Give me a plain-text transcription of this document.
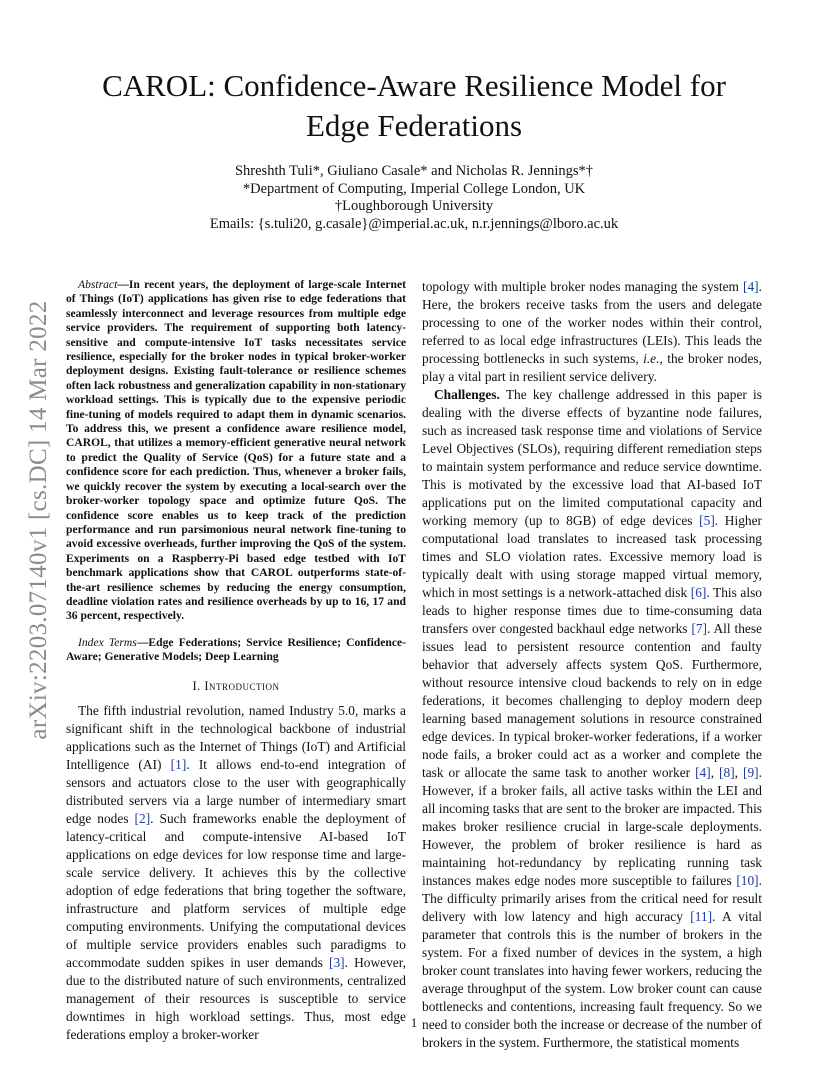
CAROL: Confidence-Aware Resilience Model for Edge Federations
Shreshth Tuli*, Giuliano Casale* and Nicholas R. Jennings*†
*Department of Computing, Imperial College London, UK
†Loughborough University
Emails: {s.tuli20, g.casale}@imperial.ac.uk, n.r.jennings@lboro.ac.uk
arXiv:2203.07140v1 [cs.DC] 14 Mar 2022

Abstract—In recent years, the deployment of large-scale Internet of Things (IoT) applications has given rise to edge federations that seamlessly interconnect and leverage resources from multiple edge service providers. The requirement of supporting both latency-sensitive and compute-intensive IoT tasks necessitates service resilience, especially for the broker nodes in typical broker-worker deployment designs. Existing fault-tolerance or resilience schemes often lack robustness and generalization capability in non-stationary workload settings. This is typically due to the expensive periodic fine-tuning of models required to adapt them in dynamic scenarios. To address this, we present a confidence aware resilience model, CAROL, that utilizes a memory-efficient generative neural network to predict the Quality of Service (QoS) for a future state and a confidence score for each prediction. Thus, whenever a broker fails, we quickly recover the system by executing a local-search over the broker-worker topology space and optimize future QoS. The confidence score enables us to keep track of the prediction performance and run parsimonious neural network fine-tuning to avoid excessive overheads, further improving the QoS of the system. Experiments on a Raspberry-Pi based edge testbed with IoT benchmark applications show that CAROL outperforms state-of-the-art resilience schemes by reducing the energy consumption, deadline violation rates and resilience overheads by up to 16, 17 and 36 percent, respectively.

Index Terms—Edge Federations; Service Resilience; Confidence-Aware; Generative Models; Deep Learning

I. Introduction

The fifth industrial revolution, named Industry 5.0, marks a significant shift in the technological backbone of industrial applications such as the Internet of Things (IoT) and Artificial Intelligence (AI) [1]. It allows end-to-end integration of sensors and actuators close to the user with geographically distributed servers via a large number of intermediary smart edge nodes [2]. Such frameworks enable the deployment of latency-critical and compute-intensive AI-based IoT applications on edge devices for low response time and large-scale service delivery. It achieves this by the collective adoption of edge federations that bring together the software, infrastructure and platform services of multiple edge computing environments. Unifying the computational devices of multiple service providers enables such paradigms to accommodate sudden spikes in user demands [3]. However, due to the distributed nature of such environments, centralized management of their resources is susceptible to service downtimes in high workload settings. Thus, most edge federations employ a broker-worker

topology with multiple broker nodes managing the system [4]. Here, the brokers receive tasks from the users and delegate processing to one of the worker nodes within their control, referred to as local edge infrastructures (LEIs). This leads the processing bottlenecks in such systems, i.e., the broker nodes, play a vital part in resilient service delivery.

Challenges. The key challenge addressed in this paper is dealing with the diverse effects of byzantine node failures, such as increased task response time and violations of Service Level Objectives (SLOs), requiring different remediation steps to maintain system performance and reduce service downtime. This is motivated by the excessive load that AI-based IoT applications put on the limited computational capacity and working memory (up to 8GB) of edge devices [5]. Higher computational load translates to increased task processing times and SLO violation rates. Excessive memory load is typically dealt with using storage mapped virtual memory, which in most settings is a network-attached disk [6]. This also leads to higher response times due to time-consuming data transfers over congested backhaul edge networks [7]. All these issues lead to persistent resource contention and faulty behavior that adversely affects system QoS. Furthermore, without resource intensive cloud backends to rely on in edge federations, it becomes challenging to deploy modern deep learning based management solutions in resource constrained edge devices. In typical broker-worker federations, if a worker node fails, a broker could act as a worker and complete the task or allocate the same task to another worker [4], [8], [9]. However, if a broker fails, all active tasks within the LEI and all incoming tasks that are sent to the broker are impacted. This makes broker resilience crucial in large-scale deployments. However, the problem of broker resilience is hard as maintaining hot-redundancy by replicating running task instances makes edge nodes more susceptible to failures [10]. The difficulty primarily arises from the critical need for result delivery with low latency and high accuracy [11]. A vital parameter that controls this is the number of brokers in the system. For a fixed number of devices in the system, a high broker count translates into having fewer workers, reducing the average throughput of the system. Low broker count can cause bottlenecks and contentions, increasing fault frequency. So we need to consider both the increase or decrease of the number of brokers in the system. Furthermore, the statistical moments

1
